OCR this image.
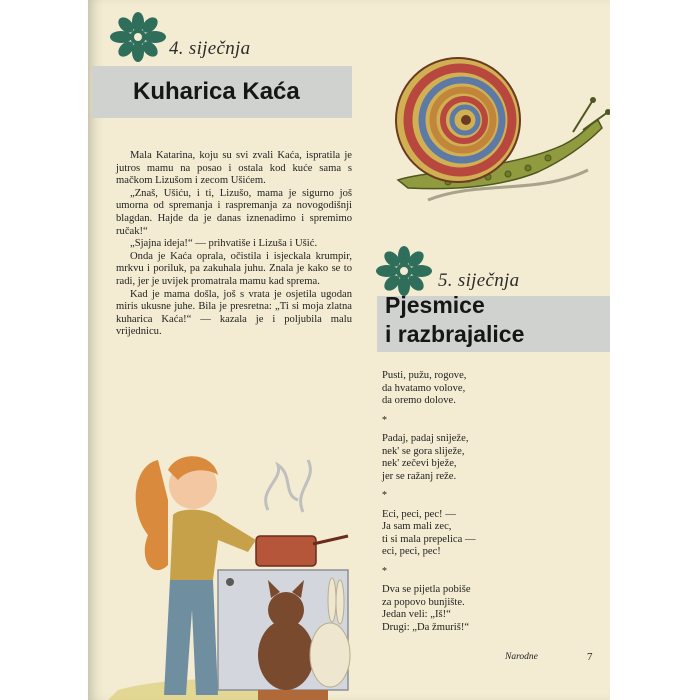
4. siječnja
Kuharica Kaća

Mala Katarina, koju su svi zvali Kaća, ispratila je jutros mamu na posao i ostala kod kuće sama s mačkom Lizušom i zecom Ušićem.

„Znaš, Ušiću, i ti, Lizušo, mama je sigurno još umorna od spremanja i raspremanja za novogodišnji blagdan. Hajde da je danas iznenadimo i spremimo ručak!“

„Sjajna ideja!“ — prihvatiše i Lizuša i Ušić.

Onda je Kaća oprala, očistila i isjeckala krumpir, mrkvu i poriluk, pa zakuhala juhu. Znala je kako se to radi, jer je uvijek promatrala mamu kad sprema.

Kad je mama došla, još s vrata je osjetila ugodan miris ukusne juhe. Bila je presretna: „Ti si moja zlatna kuharica Kaća!“ — kazala je i poljubila malu vrijednicu.

5. siječnja
Pjesmice
i razbrajalice

Pusti, pužu, rogove,
da hvatamo volove,
da oremo dolove.

*

Padaj, padaj sniježe,
nek' se gora sliježe,
nek' zečevi bježe,
jer se ražanj reže.

*

Eci, peci, pec! —
Ja sam mali zec,
ti si mala prepelica —
eci, peci, pec!

*

Dva se pijetla pobiše
za popovo bunjište.
Jedan veli: „Iš!“
Drugi: „Da žmuriš!“

Narodne	7
